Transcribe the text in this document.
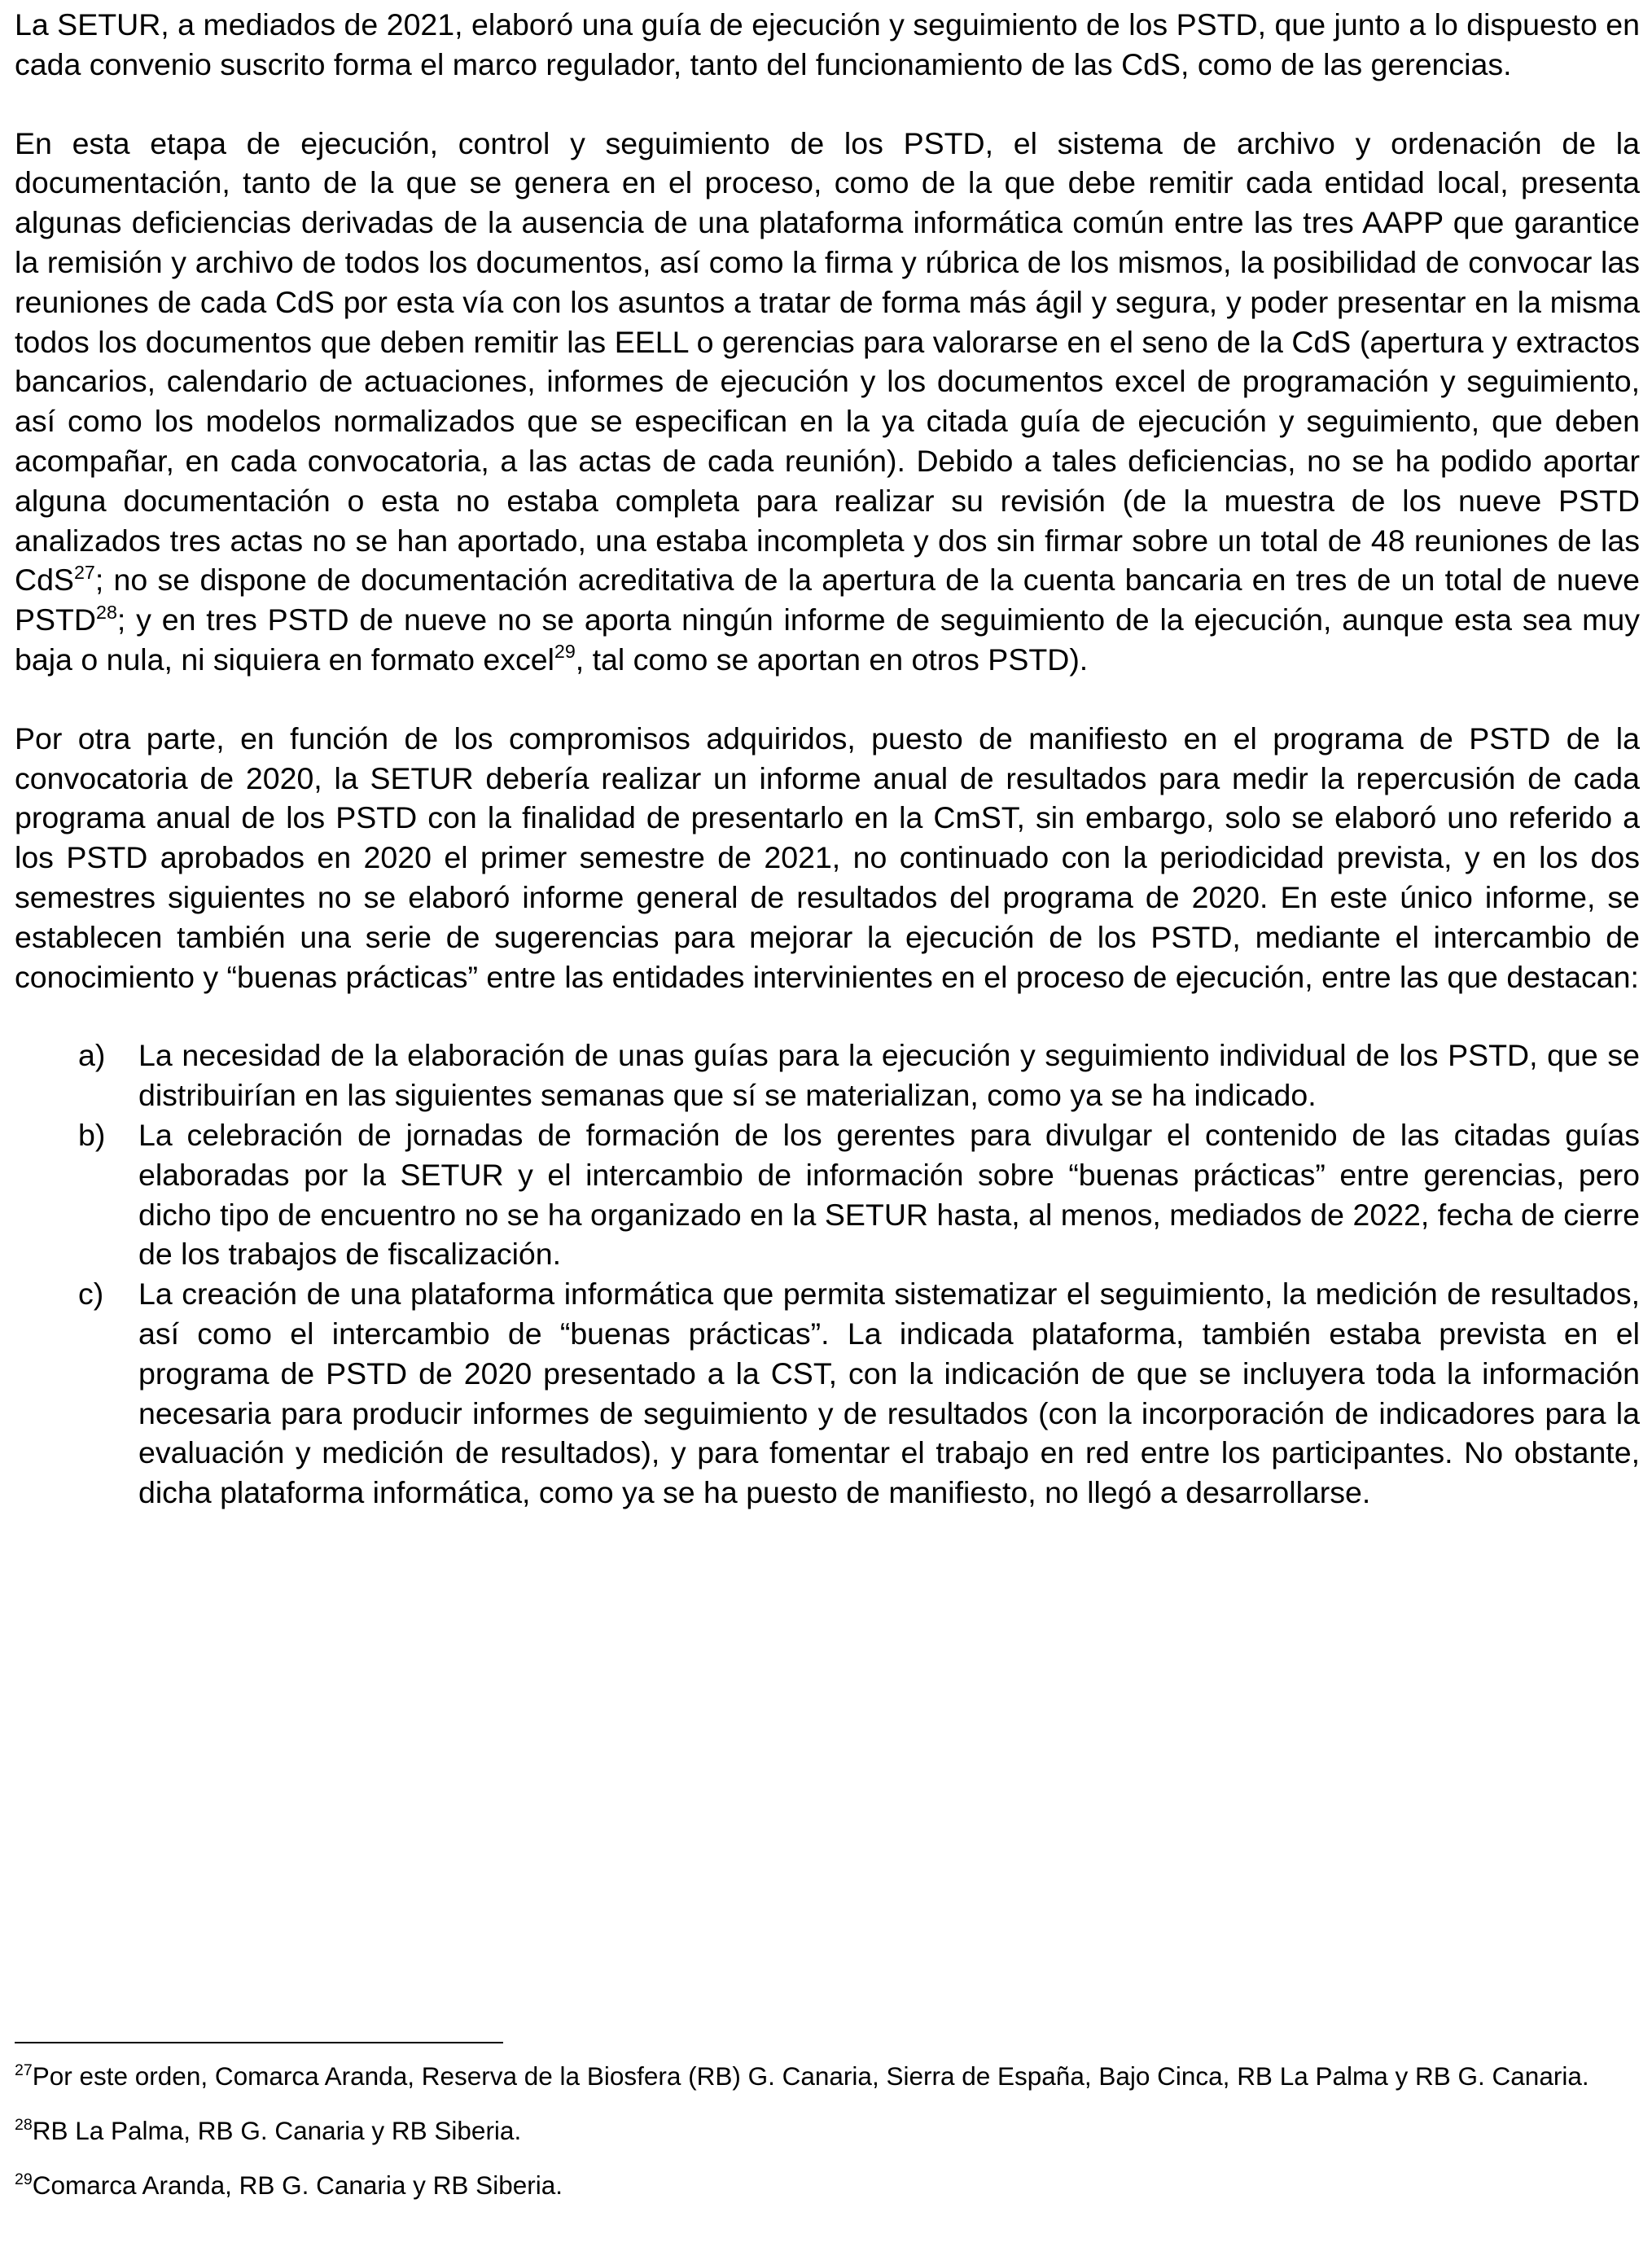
La SETUR, a mediados de 2021, elaboró una guía de ejecución y seguimiento de los PSTD, que junto a lo dispuesto en cada convenio suscrito forma el marco regulador, tanto del funcionamiento de las CdS, como de las gerencias.

En esta etapa de ejecución, control y seguimiento de los PSTD, el sistema de archivo y ordenación de la documentación, tanto de la que se genera en el proceso, como de la que debe remitir cada entidad local, presenta algunas deficiencias derivadas de la ausencia de una plataforma informática común entre las tres AAPP que garantice la remisión y archivo de todos los documentos, así como la firma y rúbrica de los mismos, la posibilidad de convocar las reuniones de cada CdS por esta vía con los asuntos a tratar de forma más ágil y segura, y poder presentar en la misma todos los documentos que deben remitir las EELL o gerencias para valorarse en el seno de la CdS (apertura y extractos bancarios, calendario de actuaciones, informes de ejecución y los documentos excel de programación y seguimiento, así como los modelos normalizados que se especifican en la ya citada guía de ejecución y seguimiento, que deben acompañar, en cada convocatoria, a las actas de cada reunión). Debido a tales deficiencias, no se ha podido aportar alguna documentación o esta no estaba completa para realizar su revisión (de la muestra de los nueve PSTD analizados tres actas no se han aportado, una estaba incompleta y dos sin firmar sobre un total de 48 reuniones de las CdS$^{27}$; no se dispone de documentación acreditativa de la apertura de la cuenta bancaria en tres de un total de nueve PSTD$^{28}$; y en tres PSTD de nueve no se aporta ningún informe de seguimiento de la ejecución, aunque esta sea muy baja o nula, ni siquiera en formato excel$^{29}$, tal como se aportan en otros PSTD).

Por otra parte, en función de los compromisos adquiridos, puesto de manifiesto en el programa de PSTD de la convocatoria de 2020, la SETUR debería realizar un informe anual de resultados para medir la repercusión de cada programa anual de los PSTD con la finalidad de presentarlo en la CmST, sin embargo, solo se elaboró uno referido a los PSTD aprobados en 2020 el primer semestre de 2021, no continuado con la periodicidad prevista, y en los dos semestres siguientes no se elaboró informe general de resultados del programa de 2020. En este único informe, se establecen también una serie de sugerencias para mejorar la ejecución de los PSTD, mediante el intercambio de conocimiento y “buenas prácticas” entre las entidades intervinientes en el proceso de ejecución, entre las que destacan:

a) La necesidad de la elaboración de unas guías para la ejecución y seguimiento individual de los PSTD, que se distribuirían en las siguientes semanas que sí se materializan, como ya se ha indicado.
b) La celebración de jornadas de formación de los gerentes para divulgar el contenido de las citadas guías elaboradas por la SETUR y el intercambio de información sobre “buenas prácticas” entre gerencias, pero dicho tipo de encuentro no se ha organizado en la SETUR hasta, al menos, mediados de 2022, fecha de cierre de los trabajos de fiscalización.
c) La creación de una plataforma informática que permita sistematizar el seguimiento, la medición de resultados, así como el intercambio de “buenas prácticas”. La indicada plataforma, también estaba prevista en el programa de PSTD de 2020 presentado a la CST, con la indicación de que se incluyera toda la información necesaria para producir informes de seguimiento y de resultados (con la incorporación de indicadores para la evaluación y medición de resultados), y para fomentar el trabajo en red entre los participantes. No obstante, dicha plataforma informática, como ya se ha puesto de manifiesto, no llegó a desarrollarse.

$^{27}$Por este orden, Comarca Aranda, Reserva de la Biosfera (RB) G. Canaria, Sierra de España, Bajo Cinca, RB La Palma y RB G. Canaria.

$^{28}$RB La Palma, RB G. Canaria y RB Siberia.

$^{29}$Comarca Aranda, RB G. Canaria y RB Siberia.
